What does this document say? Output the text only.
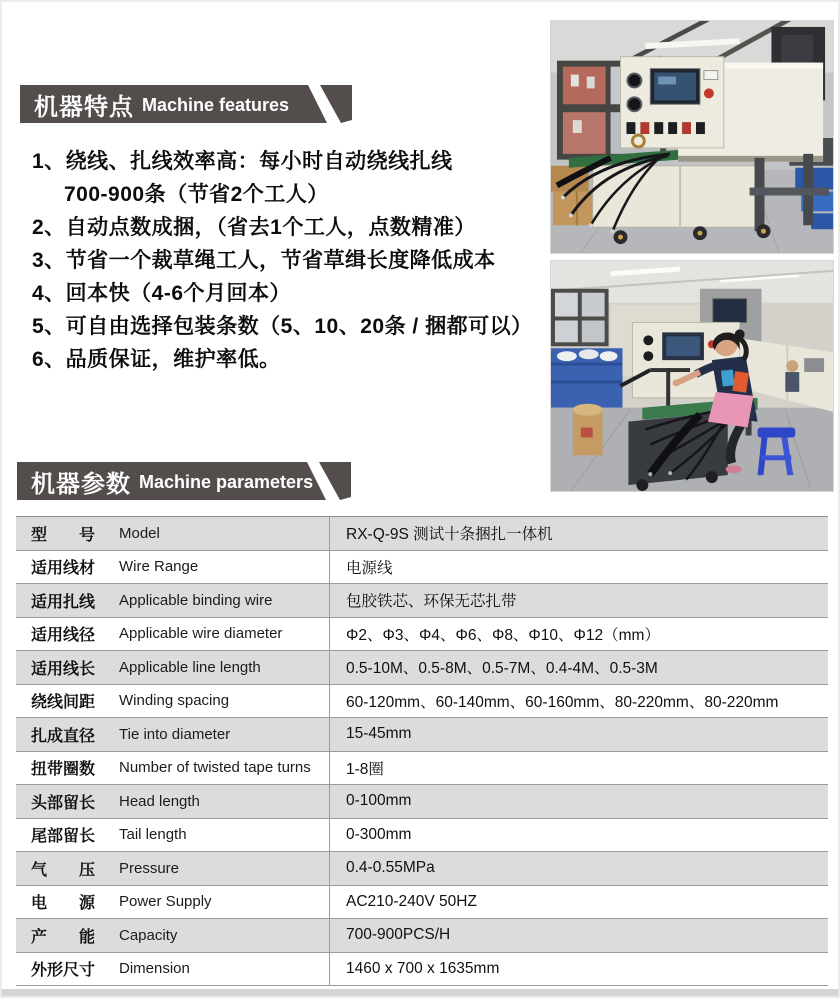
机器特点 Machine features
1、绕线、扎线效率高：每小时自动绕线扎线
700-900条（节省2个工人）
2、自动点数成捆，（省去1个工人，点数精准）
3、节省一个裁草绳工人，节省草缉长度降低成本
4、回本快（4-6个月回本）
5、可自由选择包装条数（5、10、20条 / 捆都可以）
6、品质保证，维护率低。
机器参数 Machine parameters
型　　号 Model	RX-Q-9S 测试十条捆扎一体机
适用线材 Wire Range	电源线
适用扎线 Applicable binding wire	包胶铁芯、环保无芯扎带
适用线径 Applicable wire diameter	Φ2、Φ3、Φ4、Φ6、Φ8、Φ10、Φ12（mm）
适用线长 Applicable line length	0.5-10M、0.5-8M、0.5-7M、0.4-4M、0.5-3M
绕线间距 Winding spacing	60-120mm、60-140mm、60-160mm、80-220mm、80-220mm
扎成直径 Tie into diameter	15-45mm
扭带圈数 Number of twisted tape turns	1-8圈
头部留长 Head length	0-100mm
尾部留长 Tail length	0-300mm
气　　压 Pressure	0.4-0.55MPa
电　　源 Power Supply	AC210-240V 50HZ
产　　能 Capacity	700-900PCS/H
外形尺寸 Dimension	1460 x 700 x 1635mm
